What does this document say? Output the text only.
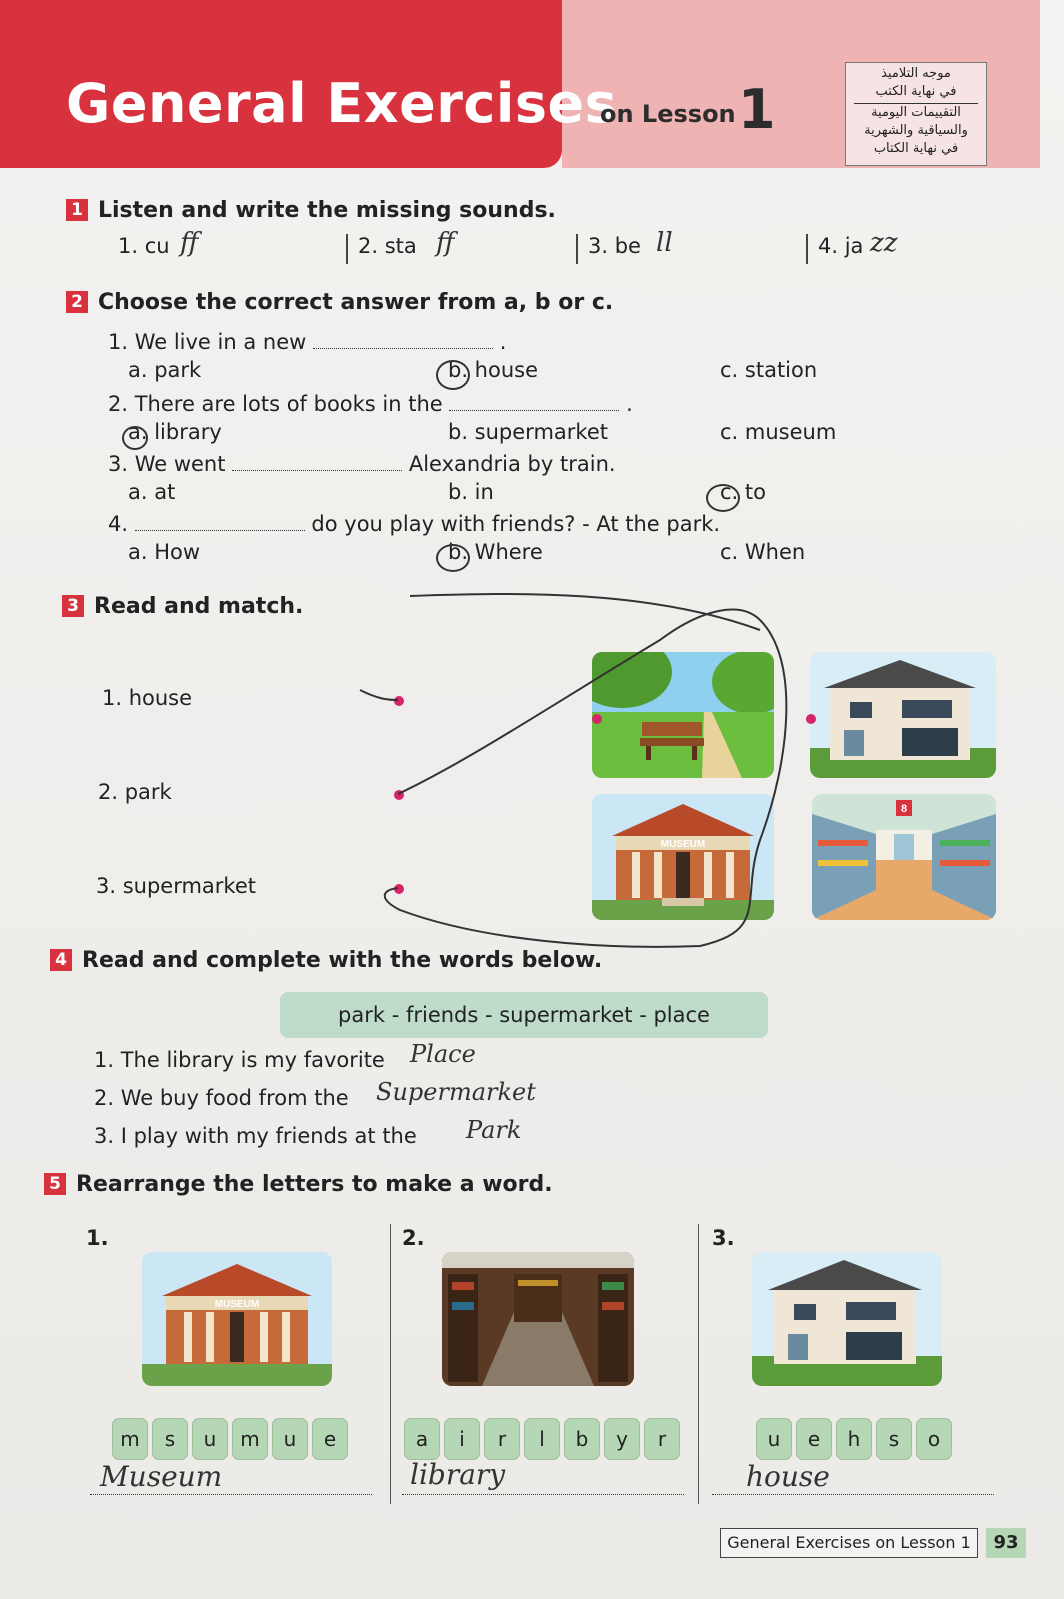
General Exercises
on Lesson 1
موجه التلاميذ
في نهاية الكتب
التقييمات اليومية
والسياقية والشهرية
في نهاية الكتاب
1 Listen and write the missing sounds.
1. cu ff	2. sta ff	3. be ll	4. ja zz
2 Choose the correct answer from a, b or c.
1. We live in a new	.
a. park	b. house	c. station
2. There are lots of books in the	.
a. library	b. supermarket	c. museum
3. We went	Alexandria by train.
a. at	b. in	c. to
4.	do you play with friends? - At the park.
a. How	b. Where	c. When
3 Read and match.
1. house
2. park
3. supermarket
MUSEUM
8
4 Read and complete with the words below.
park - friends - supermarket - place
1. The library is my favorite Place
2. We buy food from the Supermarket
3. I play with my friends at the Park
5 Rearrange the letters to make a word.
1.	2.	3.
MUSEUM
m	s	u	m	u	e	a	i	r	l	b	y	r	u	e	h	s	o
Museum	library	house
General Exercises on Lesson 1	93
